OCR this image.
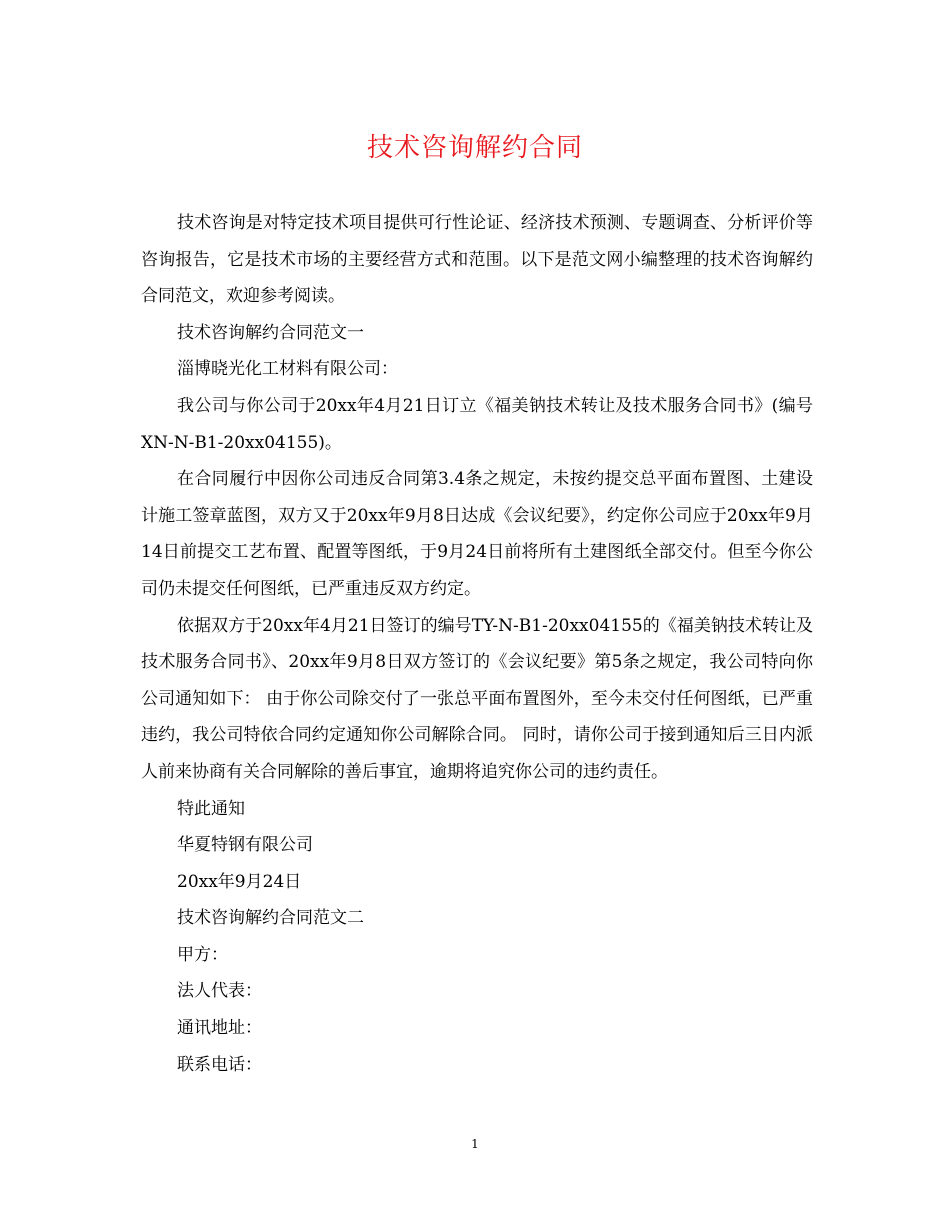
技术咨询解约合同

技术咨询是对特定技术项目提供可行性论证、经济技术预测、专题调查、分析评价等咨询报告，它是技术市场的主要经营方式和范围。以下是范文网小编整理的技术咨询解约合同范文，欢迎参考阅读。

技术咨询解约合同范文一

淄博晓光化工材料有限公司：

我公司与你公司于20xx年4月21日订立《福美钠技术转让及技术服务合同书》(编号XN-N-B1-20xx04155)。

在合同履行中因你公司违反合同第3.4条之规定，未按约提交总平面布置图、土建设计施工签章蓝图，双方又于20xx年9月8日达成《会议纪要》，约定你公司应于20xx年9月14日前提交工艺布置、配置等图纸，于9月24日前将所有土建图纸全部交付。但至今你公司仍未提交任何图纸，已严重违反双方约定。

依据双方于20xx年4月21日签订的编号TY-N-B1-20xx04155的《福美钠技术转让及技术服务合同书》、20xx年9月8日双方签订的《会议纪要》第5条之规定，我公司特向你公司通知如下： 由于你公司除交付了一张总平面布置图外，至今未交付任何图纸，已严重违约，我公司特依合同约定通知你公司解除合同。 同时，请你公司于接到通知后三日内派人前来协商有关合同解除的善后事宜，逾期将追究你公司的违约责任。

特此通知

华夏特钢有限公司

20xx年9月24日

技术咨询解约合同范文二

甲方：

法人代表：

通讯地址：

联系电话：

1
